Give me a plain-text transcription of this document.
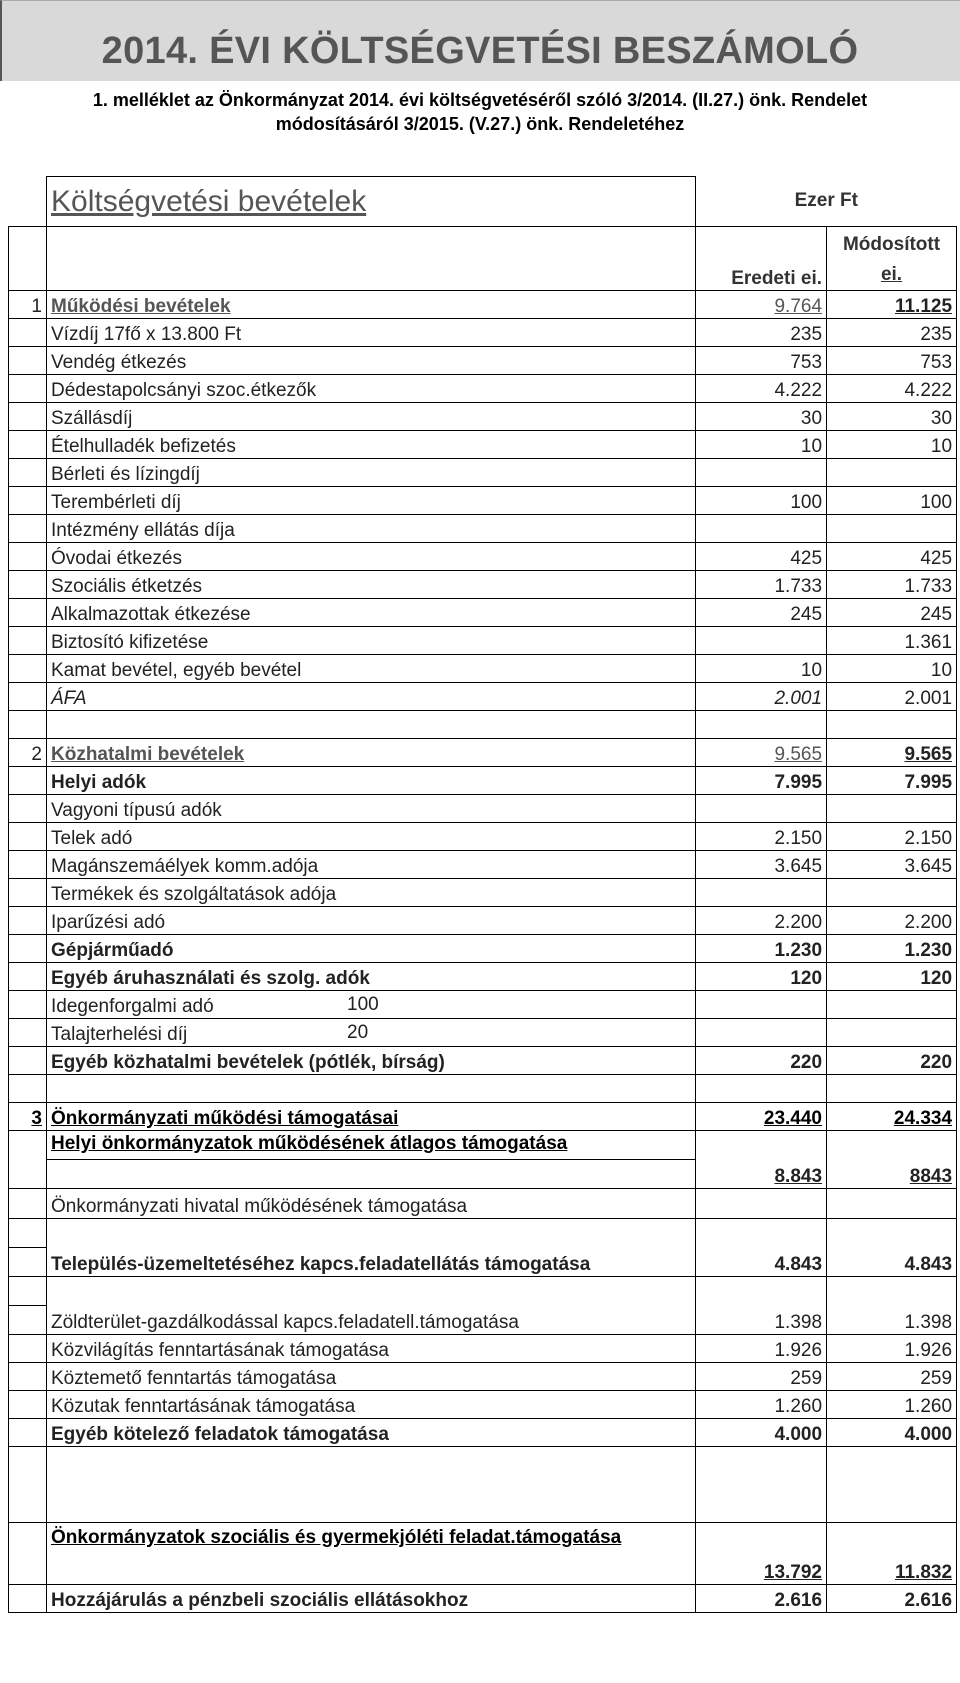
2014. ÉVI KÖLTSÉGVETÉSI BESZÁMOLÓ
1. melléklet az Önkormányzat 2014. évi költségvetéséről szóló 3/2014. (II.27.) önk. Rendelet
módosításáról 3/2015. (V.27.) önk. Rendeletéhez
	Költségvetési bevételek	Ezer Ft	
		Eredeti ei.	Módosított
ei.

1	Működési bevételek	9.764	11.125
	Vízdíj 17fő x 13.800 Ft	235	235
	Vendég étkezés	753	753
	Dédestapolcsányi szoc.étkezők	4.222	4.222
	Szállásdíj	30	30
	Ételhulladék befizetés	10	10
	Bérleti és lízingdíj		
	Terembérleti díj	100	100
	Intézmény ellátás díja		
	Óvodai étkezés	425	425
	Szociális étketzés	1.733	1.733
	Alkalmazottak étkezése	245	245
	Biztosító kifizetése		1.361
	Kamat bevétel, egyéb bevétel	10	10
	ÁFA	2.001	2.001

2	Közhatalmi bevételek	9.565	9.565
	Helyi adók	7.995	7.995
	Vagyoni típusú adók		
	Telek adó	2.150	2.150
	Magánszemáélyek komm.adója	3.645	3.645
	Termékek és szolgáltatások adója		
	Iparűzési adó	2.200	2.200
	Gépjárműadó	1.230	1.230
	Egyéb áruhasználati és szolg. adók	120	120
	Idegenforgalmi adó 100		

	Talajterhelési díj 20		

	Egyéb közhatalmi bevételek (pótlék, bírság)	220	220

3	Önkormányzati működési támogatásai	23.440	24.334

	Helyi önkormányzatok működésének átlagos támogatása	8.843	8843
	Önkormányzati hivatal működésének támogatása		

	Település-üzemeltetéséhez kapcs.feladatellátás támogatása	4.843	4.843

	Zöldterület-gazdálkodással kapcs.feladatell.támogatása	1.398	1.398
	Közvilágítás fenntartásának támogatása	1.926	1.926
	Köztemető fenntartás támogatása	259	259
	Közutak fenntartásának támogatása	1.260	1.260
	Egyéb kötelező feladatok támogatása	4.000	4.000

	Önkormányzatok szociális és gyermekjóléti feladat.támogatása	13.792	11.832
	Hozzájárulás a pénzbeli szociális ellátásokhoz	2.616	2.616
